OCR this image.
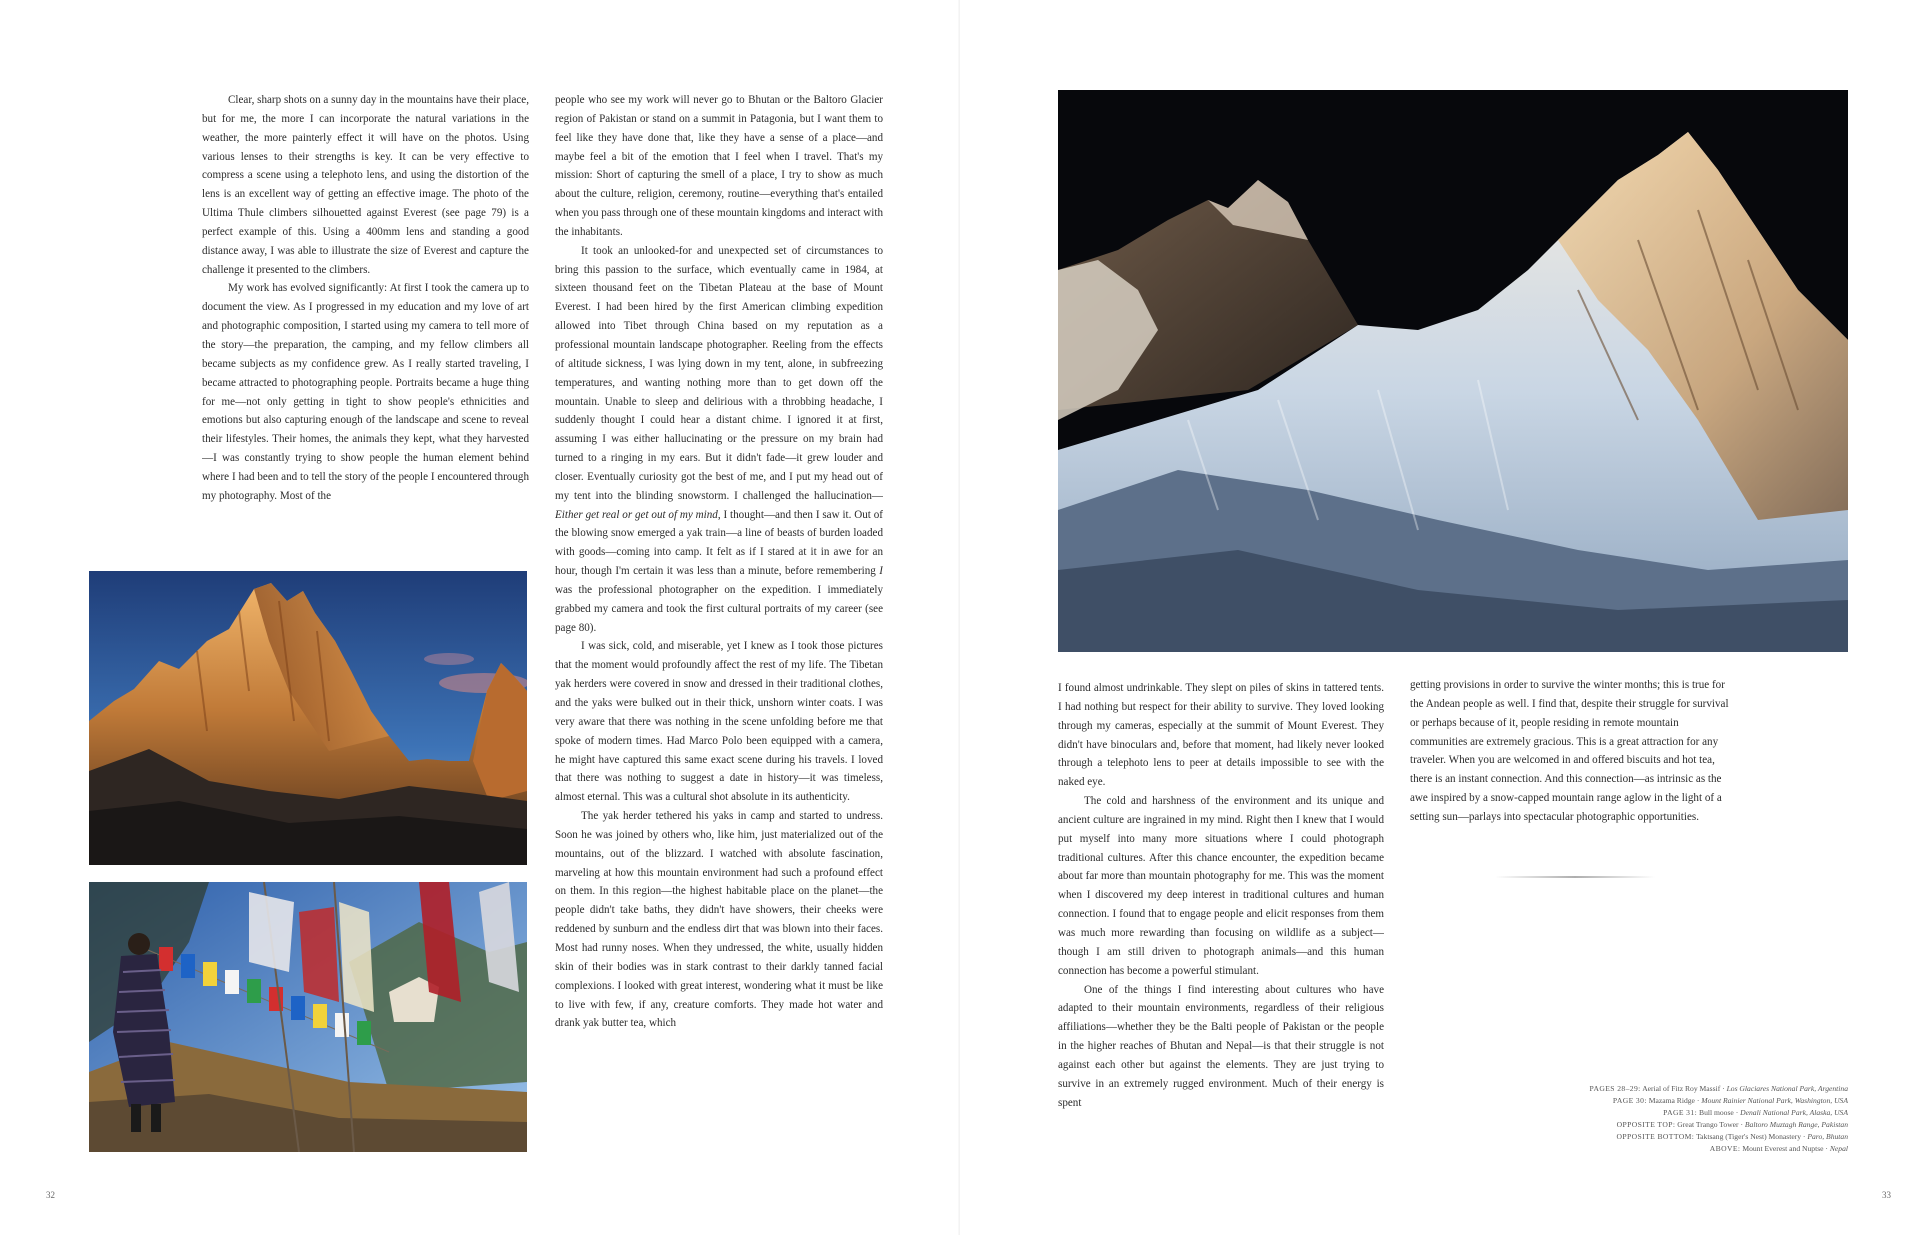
Clear, sharp shots on a sunny day in the mountains have their place, but for me, the more I can incorporate the natural variations in the weather, the more painterly effect it will have on the photos. Using various lenses to their strengths is key. It can be very effective to compress a scene using a telephoto lens, and using the distortion of the lens is an excellent way of getting an effective image. The photo of the Ultima Thule climbers silhouetted against Everest (see page 79) is a perfect example of this. Using a 400mm lens and standing a good distance away, I was able to illustrate the size of Everest and capture the challenge it presented to the climbers.

My work has evolved significantly: At first I took the camera up to document the view. As I progressed in my education and my love of art and photographic composition, I started using my camera to tell more of the story—the preparation, the camping, and my fellow climbers all became subjects as my confidence grew. As I really started traveling, I became attracted to photographing people. Portraits became a huge thing for me—not only getting in tight to show people's ethnicities and emotions but also capturing enough of the landscape and scene to reveal their lifestyles. Their homes, the animals they kept, what they harvested—I was constantly trying to show people the human element behind where I had been and to tell the story of the people I encountered through my photography. Most of the

people who see my work will never go to Bhutan or the Baltoro Glacier region of Pakistan or stand on a summit in Patagonia, but I want them to feel like they have done that, like they have a sense of a place—and maybe feel a bit of the emotion that I feel when I travel. That's my mission: Short of capturing the smell of a place, I try to show as much about the culture, religion, ceremony, routine—everything that's entailed when you pass through one of these mountain kingdoms and interact with the inhabitants.

It took an unlooked-for and unexpected set of circumstances to bring this passion to the surface, which eventually came in 1984, at sixteen thousand feet on the Tibetan Plateau at the base of Mount Everest. I had been hired by the first American climbing expedition allowed into Tibet through China based on my reputation as a professional mountain landscape photographer. Reeling from the effects of altitude sickness, I was lying down in my tent, alone, in subfreezing temperatures, and wanting nothing more than to get down off the mountain. Unable to sleep and delirious with a throbbing headache, I suddenly thought I could hear a distant chime. I ignored it at first, assuming I was either hallucinating or the pressure on my brain had turned to a ringing in my ears. But it didn't fade—it grew louder and closer. Eventually curiosity got the best of me, and I put my head out of my tent into the blinding snowstorm. I challenged the hallucination—Either get real or get out of my mind, I thought—and then I saw it. Out of the blowing snow emerged a yak train—a line of beasts of burden loaded with goods—coming into camp. It felt as if I stared at it in awe for an hour, though I'm certain it was less than a minute, before remembering I was the professional photographer on the expedition. I immediately grabbed my camera and took the first cultural portraits of my career (see page 80).

I was sick, cold, and miserable, yet I knew as I took those pictures that the moment would profoundly affect the rest of my life. The Tibetan yak herders were covered in snow and dressed in their traditional clothes, and the yaks were bulked out in their thick, unshorn winter coats. I was very aware that there was nothing in the scene unfolding before me that spoke of modern times. Had Marco Polo been equipped with a camera, he might have captured this same exact scene during his travels. I loved that there was nothing to suggest a date in history—it was timeless, almost eternal. This was a cultural shot absolute in its authenticity.

The yak herder tethered his yaks in camp and started to undress. Soon he was joined by others who, like him, just materialized out of the mountains, out of the blizzard. I watched with absolute fascination, marveling at how this mountain environment had such a profound effect on them. In this region—the highest habitable place on the planet—the people didn't take baths, they didn't have showers, their cheeks were reddened by sunburn and the endless dirt that was blown into their faces. Most had runny noses. When they undressed, the white, usually hidden skin of their bodies was in stark contrast to their darkly tanned facial complexions. I looked with great interest, wondering what it must be like to live with few, if any, creature comforts. They made hot water and drank yak butter tea, which

32

I found almost undrinkable. They slept on piles of skins in tattered tents. I had nothing but respect for their ability to survive. They loved looking through my cameras, especially at the summit of Mount Everest. They didn't have binoculars and, before that moment, had likely never looked through a telephoto lens to peer at details impossible to see with the naked eye.

The cold and harshness of the environment and its unique and ancient culture are ingrained in my mind. Right then I knew that I would put myself into many more situations where I could photograph traditional cultures. After this chance encounter, the expedition became about far more than mountain photography for me. This was the moment when I discovered my deep interest in traditional cultures and human connection. I found that to engage people and elicit responses from them was much more rewarding than focusing on wildlife as a subject—though I am still driven to photograph animals—and this human connection has become a powerful stimulant.

One of the things I find interesting about cultures who have adapted to their mountain environments, regardless of their religious affiliations—whether they be the Balti people of Pakistan or the people in the higher reaches of Bhutan and Nepal—is that their struggle is not against each other but against the elements. They are just trying to survive in an extremely rugged environment. Much of their energy is spent

getting provisions in order to survive the winter months; this is true for the Andean people as well. I find that, despite their struggle for survival or perhaps because of it, people residing in remote mountain communities are extremely gracious. This is a great attraction for any traveler. When you are welcomed in and offered biscuits and hot tea, there is an instant connection. And this connection—as intrinsic as the awe inspired by a snow-capped mountain range aglow in the light of a setting sun—parlays into spectacular photographic opportunities.

PAGES 28–29: Aerial of Fitz Roy Massif · Los Glaciares National Park, Argentina
PAGE 30: Mazama Ridge · Mount Rainier National Park, Washington, USA
PAGE 31: Bull moose · Denali National Park, Alaska, USA
OPPOSITE TOP: Great Trango Tower · Baltoro Muztagh Range, Pakistan
OPPOSITE BOTTOM: Taktsang (Tiger's Nest) Monastery · Paro, Bhutan
ABOVE: Mount Everest and Nuptse · Nepal
33
